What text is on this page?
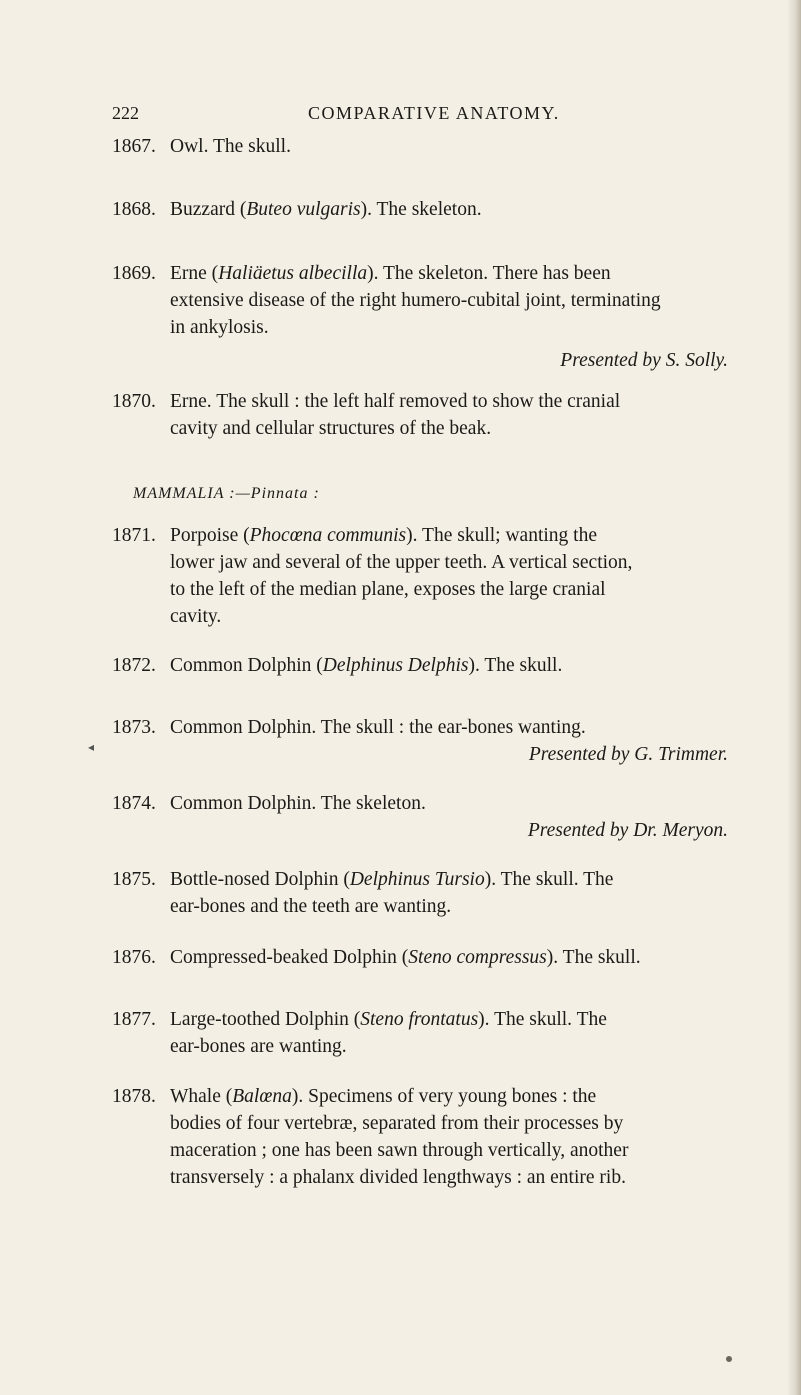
222	COMPARATIVE ANATOMY.

1867. Owl. The skull.

1868. Buzzard (Buteo vulgaris). The skeleton.

1869. Erne (Haliäetus albecilla). The skeleton. There has been

extensive disease of the right humero-cubital joint, terminating

in ankylosis.

Presented by S. Solly.

1870. Erne. The skull : the left half removed to show the cranial

cavity and cellular structures of the beak.

MAMMALIA :—Pinnata :

1871. Porpoise (Phocœna communis). The skull; wanting the

lower jaw and several of the upper teeth. A vertical section,

to the left of the median plane, exposes the large cranial

cavity.

1872. Common Dolphin (Delphinus Delphis). The skull.

1873. Common Dolphin. The skull : the ear-bones wanting.

Presented by G. Trimmer.

1874. Common Dolphin. The skeleton.

Presented by Dr. Meryon.

◂

1875. Bottle-nosed Dolphin (Delphinus Tursio). The skull. The

ear-bones and the teeth are wanting.

1876. Compressed-beaked Dolphin (Steno compressus). The skull.

1877. Large-toothed Dolphin (Steno frontatus). The skull. The

ear-bones are wanting.

1878. Whale (Balœna). Specimens of very young bones : the

bodies of four vertebræ, separated from their processes by

maceration ; one has been sawn through vertically, another

transversely : a phalanx divided lengthways : an entire rib.
